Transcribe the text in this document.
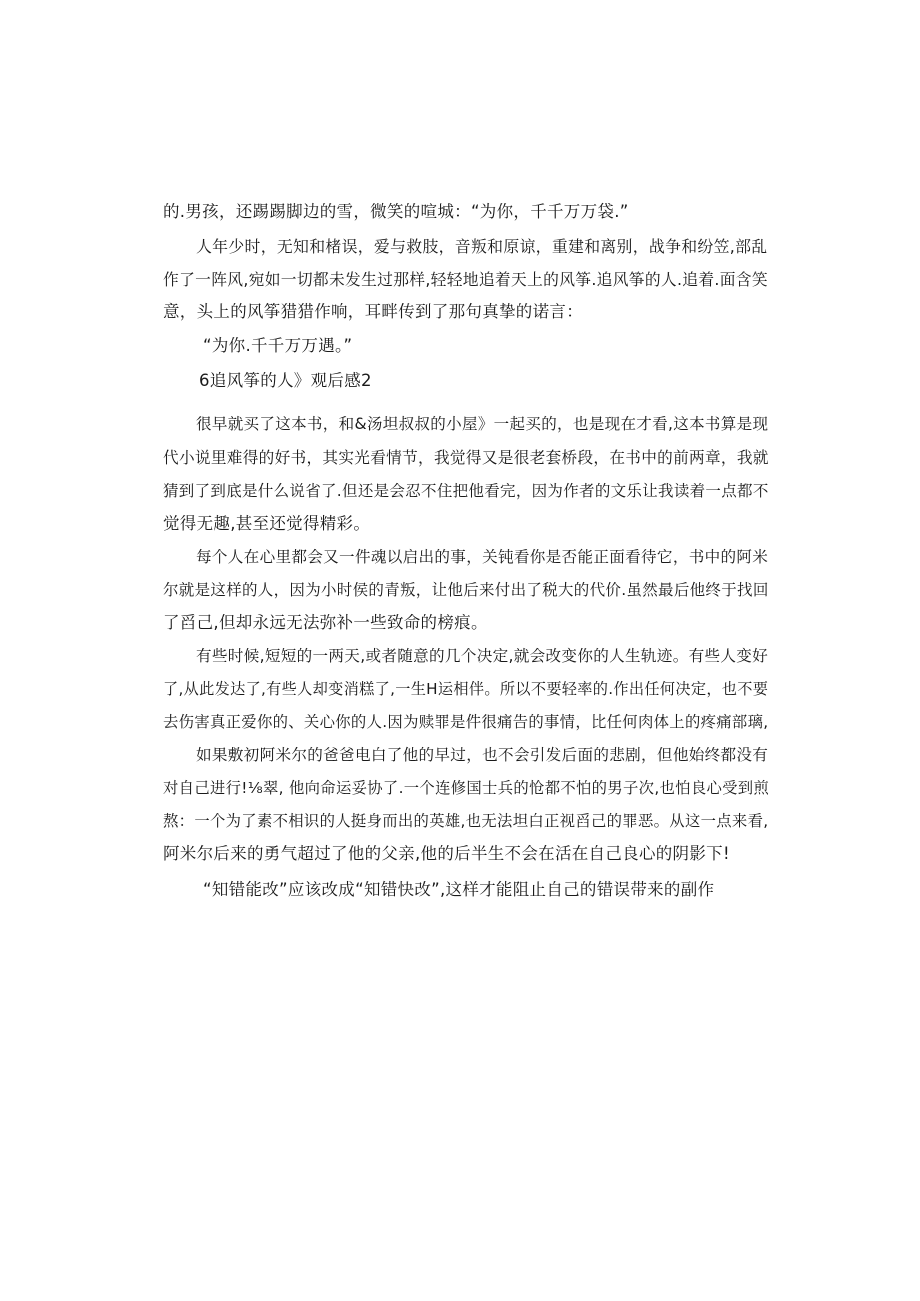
的.男孩，还踢踢脚边的雪，微笑的喧城：“为你，千千万万袋.”
人年少时，无知和楮误，爱与救肢，音叛和原谅，重建和离别，战争和纷笠,部乱
作了一阵风,宛如一切都未发生过那样,轻轻地追着天上的风筝.追风筝的人.追着.面含笑
意，头上的风筝猎猎作响，耳畔传到了那句真挚的诺言：
“为你.千千万万遇。”
6追风筝的人》观后感2
很早就买了这本书，和&汤坦叔叔的小屋》一起买的，也是现在才看,这本书算是现
代小说里难得的好书，其实光看情节，我觉得又是很老套桥段，在书中的前两章，我就
猜到了到底是什么说省了.但还是会忍不住把他看完，因为作者的文乐让我读着一点都不
觉得无趣,甚至还觉得精彩。
每个人在心里都会又一件魂以启出的事，关钝看你是否能正面看待它，书中的阿米
尔就是这样的人，因为小时侯的青叛，让他后来付出了税大的代价.虽然最后他终于找回
了舀己,但却永远无法弥补一些致命的榜痕。
有些时候,短短的一两天,或者随意的几个决定,就会改变你的人生轨迹。有些人变好
了,从此发达了,有些人却变消糕了,一生H运相伴。所以不要轻率的.作出任何决定，也不要
去伤害真正爱你的、关心你的人.因为赎罪是件很痛告的事情，比任何肉体上的疼痛部璃,
如果敷初阿米尔的爸爸电白了他的早过，也不会引发后面的悲剧，但他始终都没有
对自己进行!⅛翠, 他向命运妥协了.一个连修国士兵的怆都不怕的男子次,也怕良心受到煎
熬：一个为了素不相识的人挺身而出的英雄,也无法坦白正视舀己的罪恶。从这一点来看,
阿米尔后来的勇气超过了他的父亲,他的后半生不会在活在自己良心的阴影下!
“知错能改”应该改成“知错快改”,这样才能阻止自己的错误带来的副作
